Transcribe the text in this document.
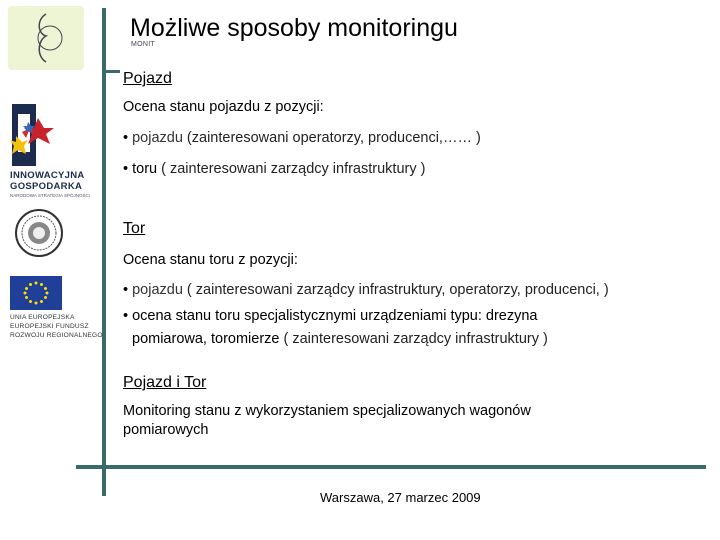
MONIT
INNOWACYJNA
GOSPODARKA
NARODOWA STRATEGIA SPÓJNOŚCI
UNIA EUROPEJSKA
EUROPEJSKI FUNDUSZ
ROZWOJU REGIONALNEGO
Możliwe sposoby monitoringu
Pojazd
Ocena stanu pojazdu z pozycji:
• pojazdu (zainteresowani operatorzy, producenci,…… )
• toru ( zainteresowani zarządcy infrastruktury )
Tor
Ocena stanu toru z pozycji:
• pojazdu ( zainteresowani zarządcy infrastruktury, operatorzy, producenci, )
• ocena stanu toru specjalistycznymi urządzeniami typu: drezyna
pomiarowa, toromierze ( zainteresowani zarządcy infrastruktury )
Pojazd i Tor
Monitoring stanu z wykorzystaniem specjalizowanych wagonów
pomiarowych
Warszawa, 27 marzec 2009
